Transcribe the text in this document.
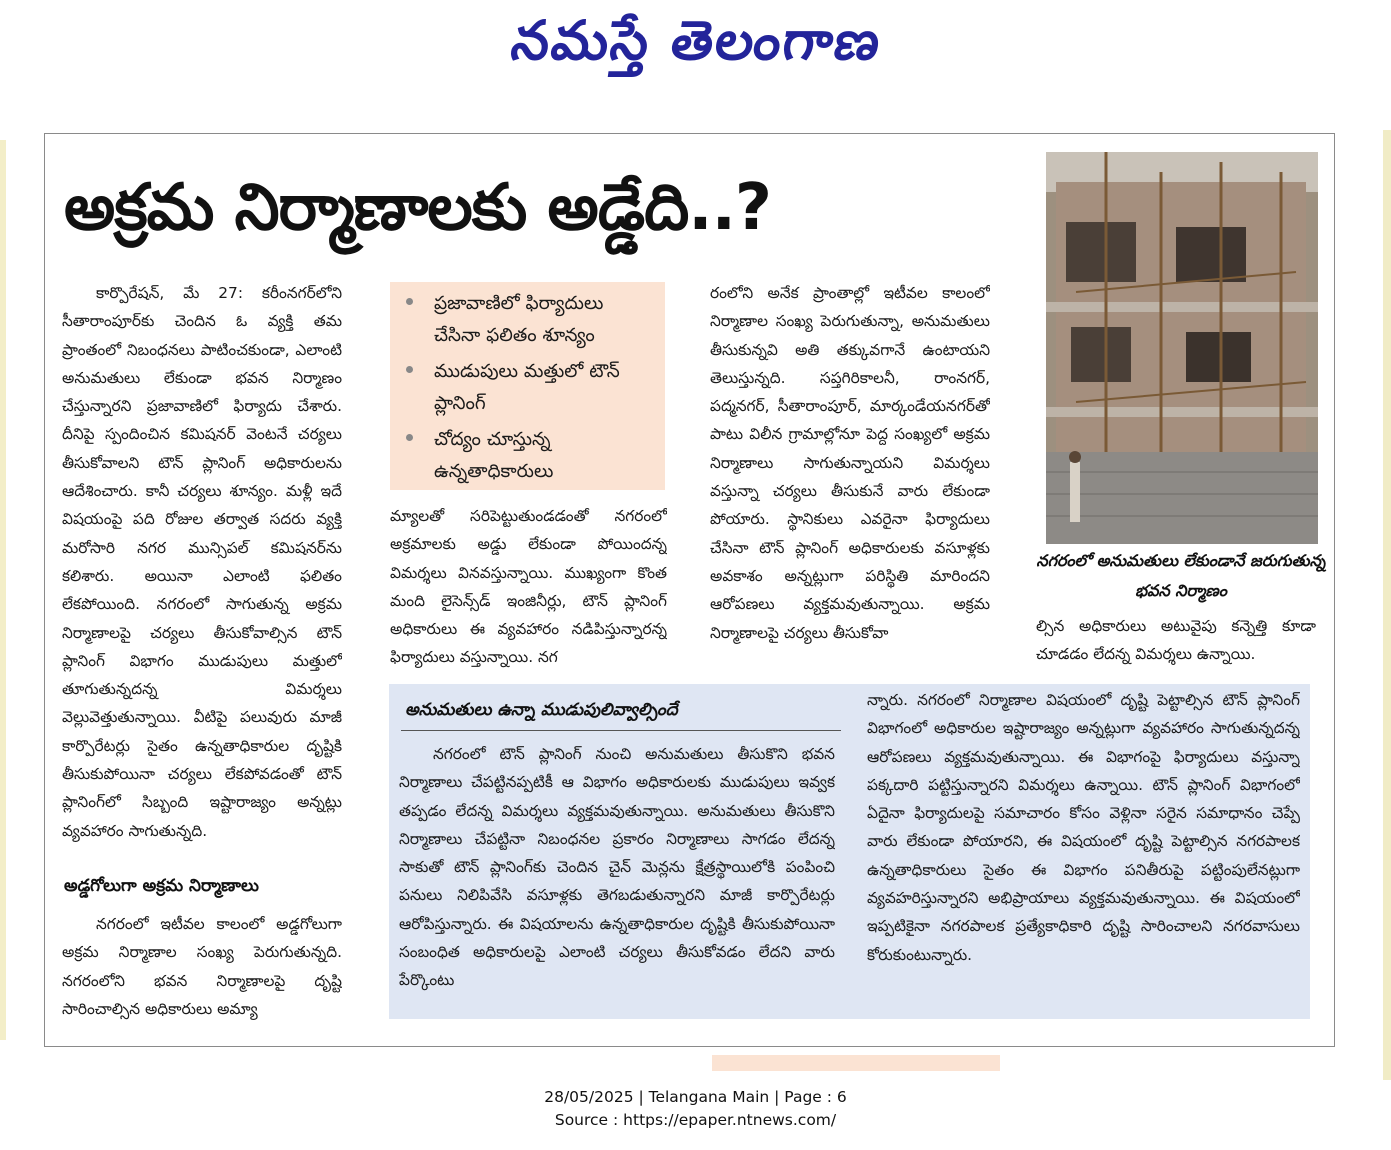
నమస్తే తెలంగాణ
అక్రమ నిర్మాణాలకు అడ్డేది..?

కార్పొరేషన్‌, మే 27: కరీంనగర్‌లోని సీతారాంపూర్‌కు చెందిన ఓ వ్యక్తి తమ ప్రాంతంలో నిబంధనలు పాటించకుండా, ఎలాంటి అనుమతులు లేకుండా భవన నిర్మాణం చేస్తున్నారని ప్రజావాణిలో ఫిర్యాదు చేశారు. దీనిపై స్పందించిన కమిషనర్‌ వెంటనే చర్యలు తీసుకోవాలని టౌన్‌ ప్లానింగ్‌ అధికారులను ఆదేశించారు. కానీ చర్యలు శూన్యం. మళ్లీ ఇదే విషయంపై పది రోజుల తర్వాత సదరు వ్యక్తి మరోసారి నగర మున్సిపల్‌ కమిషనర్‌ను కలిశారు. అయినా ఎలాంటి ఫలితం లేకపోయింది. నగరంలో సాగుతున్న అక్రమ నిర్మాణాలపై చర్యలు తీసుకోవాల్సిన టౌన్‌ ప్లానింగ్‌ విభాగం ముడుపులు మత్తులో తూగుతున్నదన్న విమర్శలు వెల్లువెత్తుతున్నాయి. వీటిపై పలువురు మాజీ కార్పొరేటర్లు సైతం ఉన్నతాధికారుల దృష్టికి తీసుకుపోయినా చర్యలు లేకపోవడంతో టౌన్‌ ప్లానింగ్‌లో సిబ్బంది ఇష్టారాజ్యం అన్నట్లు వ్యవహారం సాగుతున్నది.

అడ్డగోలుగా అక్రమ నిర్మాణాలు

నగరంలో ఇటీవల కాలంలో అడ్డగోలుగా అక్రమ నిర్మాణాల సంఖ్య పెరుగుతున్నది. నగరంలోని భవన నిర్మాణాలపై దృష్టి సారించాల్సిన అధికారులు అమ్యా

ప్రజావాణిలో ఫిర్యాదులు చేసినా ఫలితం శూన్యం
ముడుపులు మత్తులో టౌన్‌ ప్లానింగ్‌
చోద్యం చూస్తున్న ఉన్నతాధికారులు

మ్యాలతో సరిపెట్టుతుండడంతో నగరంలో అక్రమాలకు అడ్డు లేకుండా పోయిందన్న విమర్శలు వినవస్తున్నాయి. ముఖ్యంగా కొంత మంది లైసెన్స్‌డ్‌ ఇంజినీర్లు, టౌన్‌ ప్లానింగ్‌ అధికారులు ఈ వ్యవహారం నడిపిస్తున్నారన్న ఫిర్యాదులు వస్తున్నాయి. నగ

రంలోని అనేక ప్రాంతాల్లో ఇటీవల కాలంలో నిర్మాణాల సంఖ్య పెరుగుతున్నా, అనుమతులు తీసుకున్నవి అతి తక్కువగానే ఉంటాయని తెలుస్తున్నది. సప్తగిరికాలనీ, రాంనగర్‌, పద్మనగర్‌, సీతారాంపూర్‌, మార్కండేయనగర్‌తో పాటు విలీన గ్రామాల్లోనూ పెద్ద సంఖ్యలో అక్రమ నిర్మాణాలు సాగుతున్నాయని విమర్శలు వస్తున్నా చర్యలు తీసుకునే వారు లేకుండా పోయారు. స్థానికులు ఎవరైనా ఫిర్యాదులు చేసినా టౌన్‌ ప్లానింగ్‌ అధికారులకు వసూళ్లకు అవకాశం అన్నట్లుగా పరిస్థితి మారిందని ఆరోపణలు వ్యక్తమవుతున్నాయి. అక్రమ నిర్మాణాలపై చర్యలు తీసుకోవా

నగరంలో అనుమతులు లేకుండానే జరుగుతున్న భవన నిర్మాణం

ల్సిన అధికారులు అటువైపు కన్నెత్తి కూడా చూడడం లేదన్న విమర్శలు ఉన్నాయి.

అనుమతులు ఉన్నా ముడుపులివ్వాల్సిందే

నగరంలో టౌన్‌ ప్లానింగ్‌ నుంచి అనుమతులు తీసుకొని భవన నిర్మాణాలు చేపట్టినప్పటికీ ఆ విభాగం అధికారులకు ముడుపులు ఇవ్వక తప్పడం లేదన్న విమర్శలు వ్యక్తమవుతున్నాయి. అనుమతులు తీసుకొని నిర్మాణాలు చేపట్టినా నిబంధనల ప్రకారం నిర్మాణాలు సాగడం లేదన్న సాకుతో టౌన్‌ ప్లానింగ్‌కు చెందిన చైన్‌ మెన్లను క్షేత్రస్థాయిలోకి పంపించి పనులు నిలిపివేసి వసూళ్లకు తెగబడుతున్నారని మాజీ కార్పొరేటర్లు ఆరోపిస్తున్నారు. ఈ విషయాలను ఉన్నతాధికారుల దృష్టికి తీసుకుపోయినా సంబంధిత అధికారులపై ఎలాంటి చర్యలు తీసుకోవడం లేదని వారు పేర్కొంటు

న్నారు. నగరంలో నిర్మాణాల విషయంలో దృష్టి పెట్టాల్సిన టౌన్‌ ప్లానింగ్‌ విభాగంలో అధికారుల ఇష్టారాజ్యం అన్నట్లుగా వ్యవహారం సాగుతున్నదన్న ఆరోపణలు వ్యక్తమవుతున్నాయి. ఈ విభాగంపై ఫిర్యాదులు వస్తున్నా పక్కదారి పట్టిస్తున్నారని విమర్శలు ఉన్నాయి. టౌన్‌ ప్లానింగ్‌ విభాగంలో ఏదైనా ఫిర్యాదులపై సమాచారం కోసం వెళ్లినా సరైన సమాధానం చెప్పే వారు లేకుండా పోయారని, ఈ విషయంలో దృష్టి పెట్టాల్సిన నగరపాలక ఉన్నతాధికారులు సైతం ఈ విభాగం పనితీరుపై పట్టింపులేనట్లుగా వ్యవహరిస్తున్నారని అభిప్రాయాలు వ్యక్తమవుతున్నాయి. ఈ విషయంలో ఇప్పటికైనా నగరపాలక ప్రత్యేకాధికారి దృష్టి సారించాలని నగరవాసులు కోరుకుంటున్నారు.

28/05/2025 | Telangana Main | Page : 6
Source : https://epaper.ntnews.com/
